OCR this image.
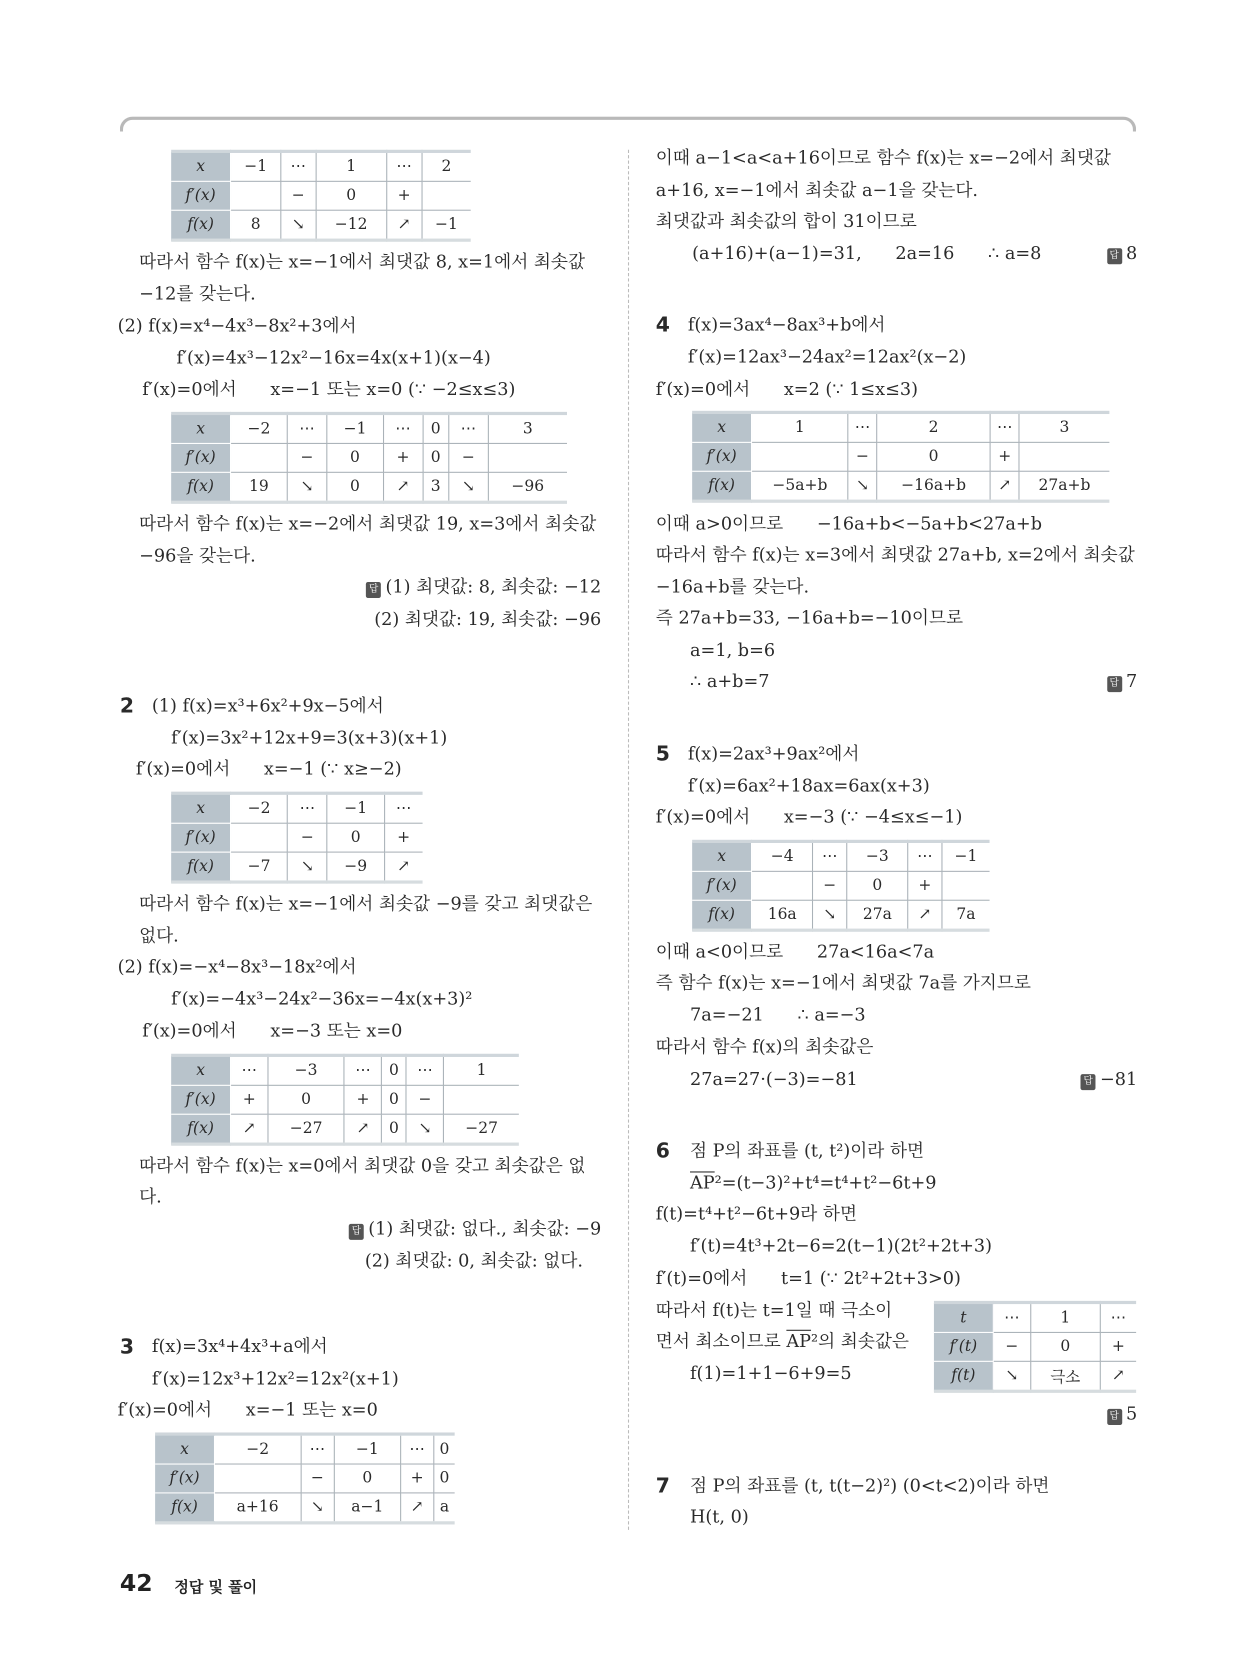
x	−1	⋯	1	⋯	2
f′(x)		−	0	+	
f(x)	8	↘	−12	↗	−1
따라서 함수 f(x)는 x=−1에서 최댓값 8, x=1에서 최솟값
−12를 갖는다.
(2) f(x)=x⁴−4x³−8x²+3에서
f′(x)=4x³−12x²−16x=4x(x+1)(x−4)
f′(x)=0에서      x=−1 또는 x=0 (∵ −2≤x≤3)
x	−2	⋯	−1	⋯	0	⋯	3
f′(x)		−	0	+	0	−	
f(x)	19	↘	0	↗	3	↘	−96
따라서 함수 f(x)는 x=−2에서 최댓값 19, x=3에서 최솟값
−96을 갖는다.
답 (1) 최댓값: 8, 최솟값: −12
(2) 최댓값: 19, 최솟값: −96
2 (1) f(x)=x³+6x²+9x−5에서
f′(x)=3x²+12x+9=3(x+3)(x+1)
f′(x)=0에서      x=−1 (∵ x≥−2)
x	−2	⋯	−1	⋯
f′(x)		−	0	+
f(x)	−7	↘	−9	↗
따라서 함수 f(x)는 x=−1에서 최솟값 −9를 갖고 최댓값은
없다.
(2) f(x)=−x⁴−8x³−18x²에서
f′(x)=−4x³−24x²−36x=−4x(x+3)²
f′(x)=0에서      x=−3 또는 x=0
x	⋯	−3	⋯	0	⋯	1
f′(x)	+	0	+	0	−	
f(x)	↗	−27	↗	0	↘	−27
따라서 함수 f(x)는 x=0에서 최댓값 0을 갖고 최솟값은 없
다.
답 (1) 최댓값: 없다., 최솟값: −9
(2) 최댓값: 0, 최솟값: 없다.
3 f(x)=3x⁴+4x³+a에서
f′(x)=12x³+12x²=12x²(x+1)
f′(x)=0에서      x=−1 또는 x=0
x	−2	⋯	−1	⋯	0
f′(x)		−	0	+	0
f(x)	a+16	↘	a−1	↗	a
이때 a−1<a<a+16이므로 함수 f(x)는 x=−2에서 최댓값
a+16, x=−1에서 최솟값 a−1을 갖는다.
최댓값과 최솟값의 합이 31이므로
(a+16)+(a−1)=31,      2a=16      ∴ a=8	답 8
4 f(x)=3ax⁴−8ax³+b에서
f′(x)=12ax³−24ax²=12ax²(x−2)
f′(x)=0에서      x=2 (∵ 1≤x≤3)
x	1	⋯	2	⋯	3
f′(x)		−	0	+	
f(x)	−5a+b	↘	−16a+b	↗	27a+b
이때 a>0이므로      −16a+b<−5a+b<27a+b
따라서 함수 f(x)는 x=3에서 최댓값 27a+b, x=2에서 최솟값
−16a+b를 갖는다.
즉 27a+b=33, −16a+b=−10이므로
a=1, b=6
∴ a+b=7	답 7
5 f(x)=2ax³+9ax²에서
f′(x)=6ax²+18ax=6ax(x+3)
f′(x)=0에서      x=−3 (∵ −4≤x≤−1)
x	−4	⋯	−3	⋯	−1
f′(x)		−	0	+	
f(x)	16a	↘	27a	↗	7a
이때 a<0이므로      27a<16a<7a
즉 함수 f(x)는 x=−1에서 최댓값 7a를 가지므로
7a=−21      ∴ a=−3
따라서 함수 f(x)의 최솟값은
27a=27·(−3)=−81	답 −81
6 점 P의 좌표를 (t, t²)이라 하면
$\overline{AP}^2=(t-3)^2+t^4=t^4+t^2-6t+9$
f(t)=t⁴+t²−6t+9라 하면
f′(t)=4t³+2t−6=2(t−1)(2t²+2t+3)
f′(t)=0에서      t=1 (∵ 2t²+2t+3>0)
따라서 f(t)는 t=1일 때 극소이
면서 최소이므로 $\overline{AP}^2$의 최솟값은
f(1)=1+1−6+9=5
t	⋯	1	⋯
f′(t)	−	0	+
f(t)	↘	극소	↗
답 5
7 점 P의 좌표를 (t, t(t−2)²) (0<t<2)이라 하면
H(t, 0)
42 정답 및 풀이
